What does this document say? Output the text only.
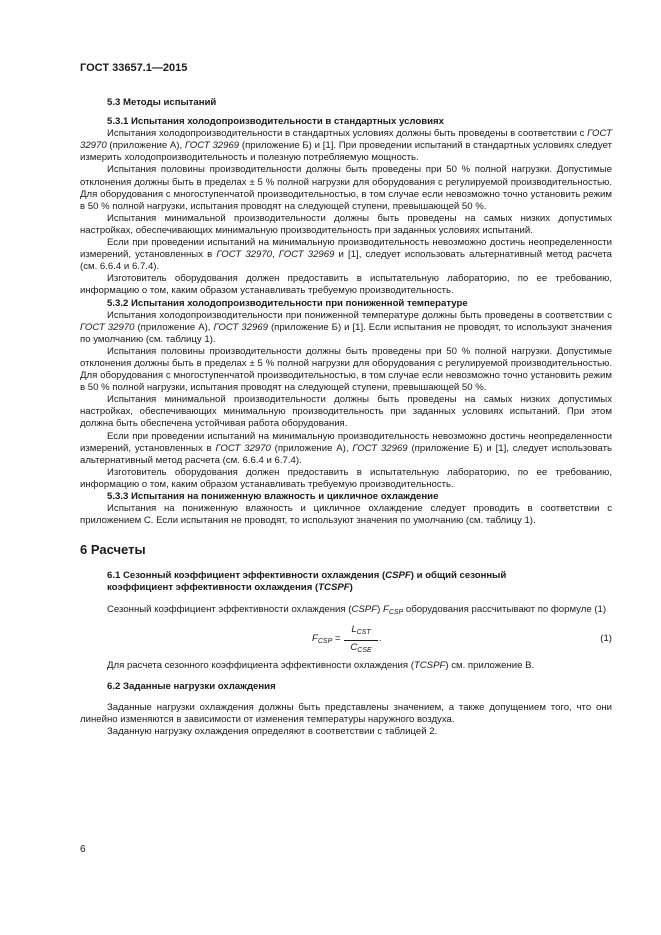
ГОСТ 33657.1—2015
5.3 Методы испытаний
5.3.1 Испытания холодопроизводительности в стандартных условиях

Испытания холодопроизводительности в стандартных условиях должны быть проведены в соответствии с ГОСТ 32970 (приложение А), ГОСТ 32969 (приложение Б) и [1]. При проведении испытаний в стандартных условиях следует измерить холодопроизводительность и полезную потребляемую мощность.

Испытания половины производительности должны быть проведены при 50 % полной нагрузки. Допустимые отклонения должны быть в пределах ± 5 % полной нагрузки для оборудования с регулируемой производительностью. Для оборудования с многоступенчатой производительностью, в том случае если невозможно точно установить режим в 50 % полной нагрузки, испытания проводят на следующей ступени, превышающей 50 %.

Испытания минимальной производительности должны быть проведены на самых низких допустимых настройках, обеспечивающих минимальную производительность при заданных условиях испытаний.

Если при проведении испытаний на минимальную производительность невозможно достичь неопределенности измерений, установленных в ГОСТ 32970, ГОСТ 32969 и [1], следует использовать альтернативный метод расчета (см. 6.6.4 и 6.7.4).

Изготовитель оборудования должен предоставить в испытательную лабораторию, по ее требованию, информацию о том, каким образом устанавливать требуемую производительность.

5.3.2 Испытания холодопроизводительности при пониженной температуре

Испытания холодопроизводительности при пониженной температуре должны быть проведены в соответствии с ГОСТ 32970 (приложение А), ГОСТ 32969 (приложение Б) и [1]. Если испытания не проводят, то используют значения по умолчанию (см. таблицу 1).

Испытания половины производительности должны быть проведены при 50 % полной нагрузки. Допустимые отклонения должны быть в пределах ± 5 % полной нагрузки для оборудования с регулируемой производительностью. Для оборудования с многоступенчатой производительностью, в том случае если невозможно точно установить режим в 50 % полной нагрузки, испытания проводят на следующей ступени, превышающей 50 %.

Испытания минимальной производительности должны быть проведены на самых низких допустимых настройках, обеспечивающих минимальную производительность при заданных условиях испытаний. При этом должна быть обеспечена устойчивая работа оборудования.

Если при проведении испытаний на минимальную производительность невозможно достичь неопределенности измерений, установленных в ГОСТ 32970 (приложение А), ГОСТ 32969 (приложение Б) и [1], следует использовать альтернативный метод расчета (см. 6.6.4 и 6.7.4).

Изготовитель оборудования должен предоставить в испытательную лабораторию, по ее требованию, информацию о том, каким образом устанавливать требуемую производительность.

5.3.3 Испытания на пониженную влажность и цикличное охлаждение

Испытания на пониженную влажность и цикличное охлаждение следует проводить в соответствии с приложением С. Если испытания не проводят, то используют значения по умолчанию (см. таблицу 1).

6 Расчеты
6.1 Сезонный коэффициент эффективности охлаждения (CSPF) и общий сезонный
коэффициент эффективности охлаждения (TCSPF)

Сезонный коэффициент эффективности охлаждения (CSPF) $F_{CSP}$ оборудования рассчитывают по формуле (1)

$F_{CSP}$ =
$L_{CST}$
$C_{CSE}$
.	(1)

Для расчета сезонного коэффициента эффективности охлаждения (TCSPF) см. приложение В.

6.2 Заданные нагрузки охлаждения

Заданные нагрузки охлаждения должны быть представлены значением, а также допущением того, что они линейно изменяются в зависимости от изменения температуры наружного воздуха.

Заданную нагрузку охлаждения определяют в соответствии с таблицей 2.

6
